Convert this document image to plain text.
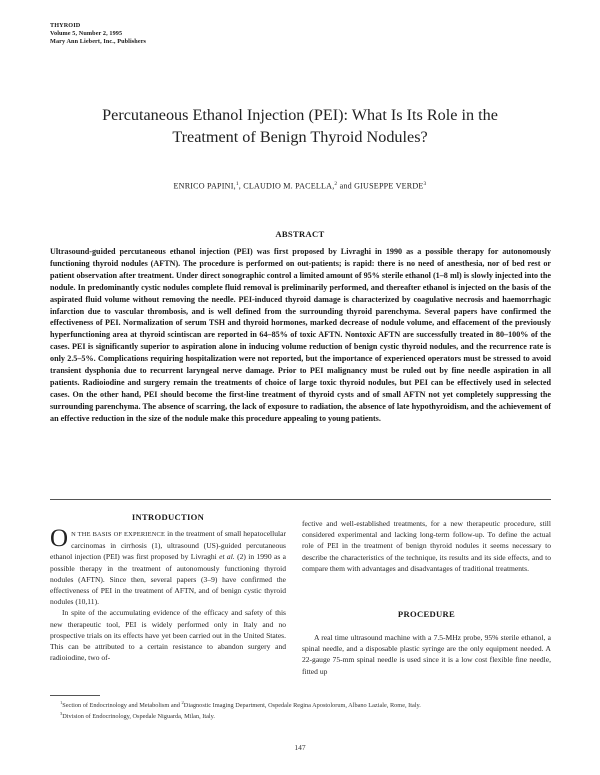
THYROID
Volume 5, Number 2, 1995
Mary Ann Liebert, Inc., Publishers
Percutaneous Ethanol Injection (PEI): What Is Its Role in the
Treatment of Benign Thyroid Nodules?
ENRICO PAPINI,$^1$, CLAUDIO M. PACELLA,$^2$ and GIUSEPPE VERDE$^3$
ABSTRACT
Ultrasound-guided percutaneous ethanol injection (PEI) was first proposed by Livraghi in 1990 as a possible therapy for autonomously functioning thyroid nodules (AFTN). The procedure is performed on out-patients; is rapid: there is no need of anesthesia, nor of bed rest or patient observation after treatment. Under direct sonographic control a limited amount of 95% sterile ethanol (1–8 ml) is slowly injected into the nodule. In predominantly cystic nodules complete fluid removal is preliminarily performed, and thereafter ethanol is injected on the basis of the aspirated fluid volume without removing the needle. PEI-induced thyroid damage is characterized by coagulative necrosis and haemorrhagic infarction due to vascular thrombosis, and is well defined from the surrounding thyroid parenchyma. Several papers have confirmed the effectiveness of PEI. Normalization of serum TSH and thyroid hormones, marked decrease of nodule volume, and effacement of the previously hyperfunctioning area at thyroid scintiscan are reported in 64–85% of toxic AFTN. Nontoxic AFTN are successfully treated in 80–100% of the cases. PEI is significantly superior to aspiration alone in inducing volume reduction of benign cystic thyroid nodules, and the recurrence rate is only 2.5–5%. Complications requiring hospitalization were not reported, but the importance of experienced operators must be stressed to avoid transient dysphonia due to recurrent laryngeal nerve damage. Prior to PEI malignancy must be ruled out by fine needle aspiration in all patients. Radioiodine and surgery remain the treatments of choice of large toxic thyroid nodules, but PEI can be effectively used in selected cases. On the other hand, PEI should become the first-line treatment of thyroid cysts and of small AFTN not yet completely suppressing the surrounding parenchyma. The absence of scarring, the lack of exposure to radiation, the absence of late hypothyroidism, and the achievement of an effective reduction in the size of the nodule make this procedure appealing to young patients.
INTRODUCTION

O N THE BASIS OF EXPERIENCE in the treatment of small hepatocellular carcinomas in cirrhosis (1), ultrasound (US)-guided percutaneous ethanol injection (PEI) was first proposed by Livraghi et al. (2) in 1990 as a possible therapy in the treatment of autonomously functioning thyroid nodules (AFTN). Since then, several papers (3–9) have confirmed the effectiveness of PEI in the treatment of AFTN, and of benign cystic thyroid nodules (10,11).

In spite of the accumulating evidence of the efficacy and safety of this new therapeutic tool, PEI is widely performed only in Italy and no prospective trials on its effects have yet been carried out in the United States. This can be attributed to a certain resistance to abandon surgery and radioiodine, two of-

fective and well-established treatments, for a new therapeutic procedure, still considered experimental and lacking long-term follow-up. To define the actual role of PEI in the treatment of benign thyroid nodules it seems necessary to describe the characteristics of the technique, its results and its side effects, and to compare them with advantages and disadvantages of traditional treatments.

PROCEDURE

A real time ultrasound machine with a 7.5-MHz probe, 95% sterile ethanol, a spinal needle, and a disposable plastic syringe are the only equipment needed. A 22-gauge 75-mm spinal needle is used since it is a low cost flexible fine needle, fitted up

$^1$Section of Endocrinology and Metabolism and $^2$Diagnostic Imaging Department, Ospedale Regina Apostolorum, Albano Laziale, Rome, Italy.

$^3$Division of Endocrinology, Ospedale Niguarda, Milan, Italy.

147
